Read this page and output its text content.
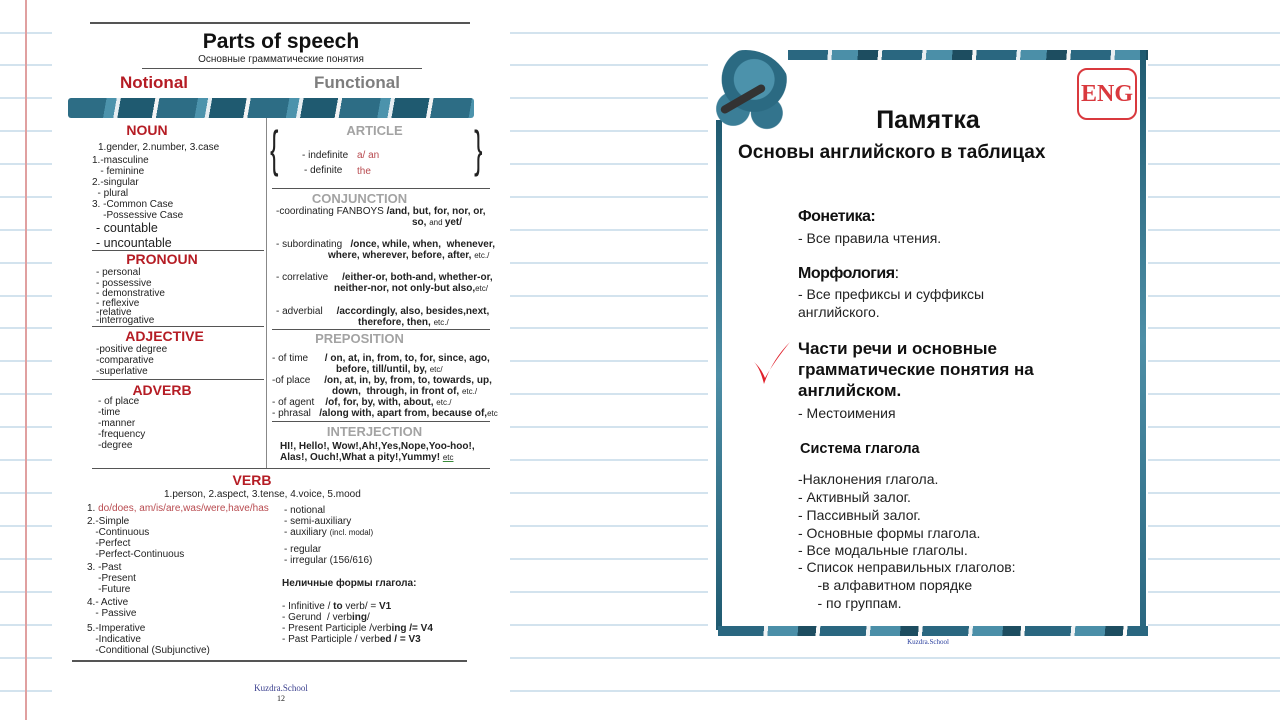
Parts of speech
Основные грамматические понятия
Notional	Functional
NOUN
1.gender, 2.number, 3.case
1.-masculine
- feminine
2.-singular
- plural
3. -Common Case
-Possessive Case
- countable
- uncountable
PRONOUN
- personal
- possessive
- demonstrative
- reflexive
-relative
-interrogative
ADJECTIVE
-positive degree
-comparative
-superlative
ADVERB
- of place
-time
-manner
-frequency
-degree
{	}
ARTICLE
- indefinite a/ an
- definite the
CONJUNCTION
-coordinating FANBOYS /and, but, for, nor, or,
so, and yet/
- subordinating   /once, while, when,  whenever,
where, wherever, before, after, etc./
- correlative     /either-or, both-and, whether-or,
neither-nor, not only-but also,etc/
- adverbial     /accordingly, also, besides,next,
therefore, then, etc./
PREPOSITION
- of time      / on, at, in, from, to, for, since, ago,
before, till/until, by, etc/
-of place     /on, at, in, by, from, to, towards, up,
down,  through, in front of, etc./
- of agent    /of, for, by, with, about, etc./
- phrasal   /along with, apart from, because of,etc
INTERJECTION
HI!, Hello!, Wow!,Ah!,Yes,Nope,Yoo-hoo!,
Alas!, Ouch!,What a pity!,Yummy! etc
VERB
1.person, 2.aspect, 3.tense, 4.voice, 5.mood
1. do/does, am/is/are,was/were,have/has
2.-Simple
-Continuous
-Perfect
-Perfect-Continuous
3. -Past
-Present
-Future
4.- Active
- Passive
5.-Imperative
-Indicative
-Conditional (Subjunctive)
- notional
- semi-auxiliary
- auxiliary (incl. modal)
- regular
- irregular (156/616)
Неличные формы глагола:
- Infinitive / to verb/ = V1
- Gerund  / verbing/
- Present Participle /verbing /= V4
- Past Participle / verbed / = V3
Kuzdra.School
12
ENG
Памятка
Основы английского в таблицах
Фонетика:
- Все правила чтения.
Морфология:
- Все префиксы и суффиксы
английского.
Части речи и основные
грамматические понятия на
английском.
- Местоимения
Система глагола
-Наклонения глагола.
- Активный залог.
- Пассивный залог.
- Основные формы глагола.
- Все модальные глаголы.
- Список неправильных глаголов:
-в алфавитном порядке
- по группам.
Kuzdra.School
